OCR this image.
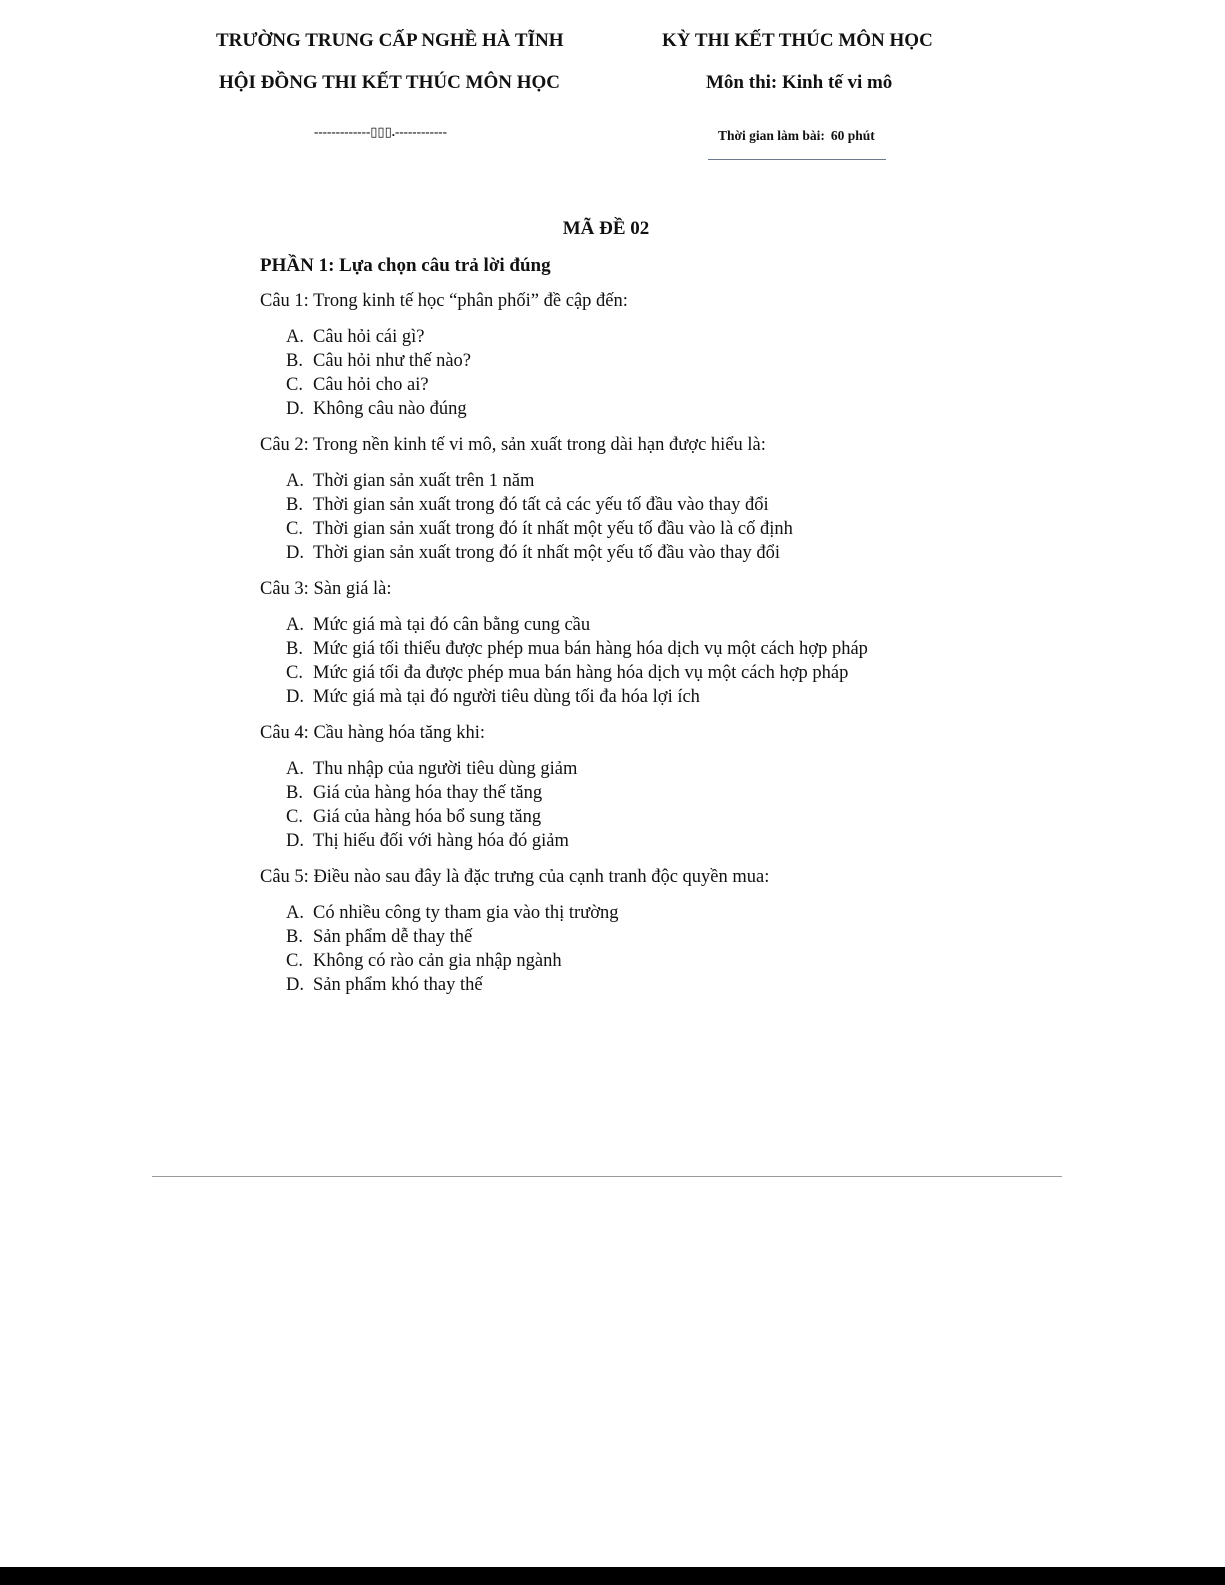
TRƯỜNG TRUNG CẤP NGHỀ HÀ TĨNH
HỘI ĐỒNG THI KẾT THÚC MÔN HỌC
-------------▯▯▯.------------
KỲ THI KẾT THÚC MÔN HỌC
Môn thi: Kinh tế vi mô
Thời gian làm bài: 60 phút
MÃ ĐỀ 02
PHẦN 1: Lựa chọn câu trả lời đúng
Câu 1: Trong kinh tế học “phân phối” đề cập đến:
A. Câu hỏi cái gì?
B. Câu hỏi như thế nào?
C. Câu hỏi cho ai?
D. Không câu nào đúng
Câu 2: Trong nền kinh tế vi mô, sản xuất trong dài hạn được hiểu là:
A. Thời gian sản xuất trên 1 năm
B. Thời gian sản xuất trong đó tất cả các yếu tố đầu vào thay đổi
C. Thời gian sản xuất trong đó ít nhất một yếu tố đầu vào là cố định
D. Thời gian sản xuất trong đó ít nhất một yếu tố đầu vào thay đổi
Câu 3: Sàn giá là:
A. Mức giá mà tại đó cân bằng cung cầu
B. Mức giá tối thiểu được phép mua bán hàng hóa dịch vụ một cách hợp pháp
C. Mức giá tối đa được phép mua bán hàng hóa dịch vụ một cách hợp pháp
D. Mức giá mà tại đó người tiêu dùng tối đa hóa lợi ích
Câu 4: Cầu hàng hóa tăng khi:
A. Thu nhập của người tiêu dùng giảm
B. Giá của hàng hóa thay thế tăng
C. Giá của hàng hóa bổ sung tăng
D. Thị hiếu đối với hàng hóa đó giảm
Câu 5: Điều nào sau đây là đặc trưng của cạnh tranh độc quyền mua:
A. Có nhiều công ty tham gia vào thị trường
B. Sản phẩm dễ thay thế
C. Không có rào cản gia nhập ngành
D. Sản phẩm khó thay thế
